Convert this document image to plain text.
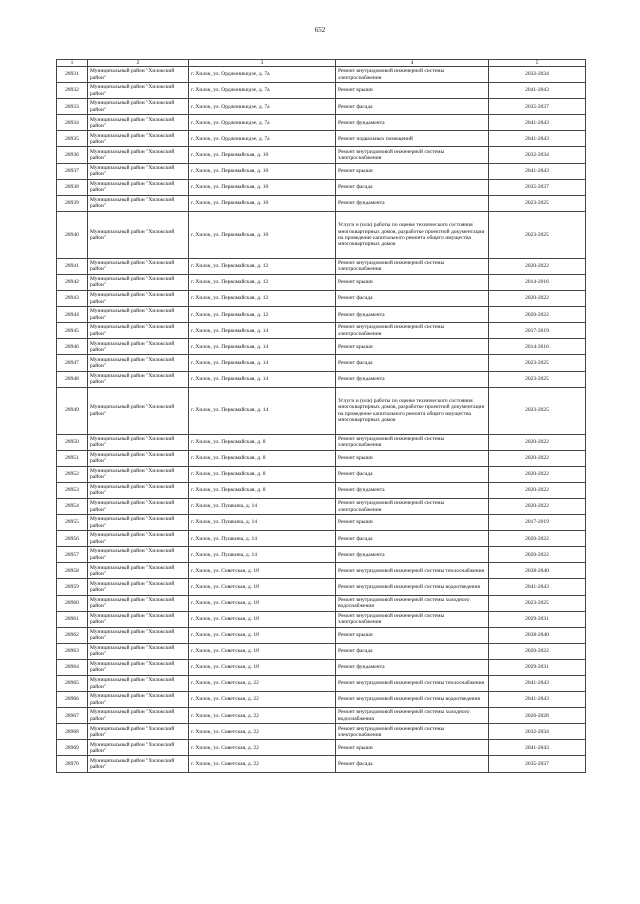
652
1	2	3	4	5
28931	Муниципальный район "Хилокский район"	г. Хилок, ул. Орджоникидзе, д. 7а	Ремонт внутридомовой инженерной системы электроснабжения	2032-2034
28932	Муниципальный район "Хилокский район"	г. Хилок, ул. Орджоникидзе, д. 7а	Ремонт крыши	2041-2043
28933	Муниципальный район "Хилокский район"	г. Хилок, ул. Орджоникидзе, д. 7а	Ремонт фасада	2035-2037
28934	Муниципальный район "Хилокский район"	г. Хилок, ул. Орджоникидзе, д. 7а	Ремонт фундамента	2041-2043
28935	Муниципальный район "Хилокский район"	г. Хилок, ул. Орджоникидзе, д. 7а	Ремонт подвальных помещений	2041-2043
28936	Муниципальный район "Хилокский район"	г. Хилок, ул. Первомайская, д. 10	Ремонт внутридомовой инженерной системы электроснабжения	2032-2034
28937	Муниципальный район "Хилокский район"	г. Хилок, ул. Первомайская, д. 10	Ремонт крыши	2041-2043
28938	Муниципальный район "Хилокский район"	г. Хилок, ул. Первомайская, д. 10	Ремонт фасада	2035-2037
28939	Муниципальный район "Хилокский район"	г. Хилок, ул. Первомайская, д. 10	Ремонт фундамента	2023-2025
28940	Муниципальный район "Хилокский район"	г. Хилок, ул. Первомайская, д. 10	Услуги и (или) работы по оценке технического состояния многоквартирных домов, разработке проектной документации на проведение капитального ремонта общего имущества многоквартирных домов	2023-2025
28941	Муниципальный район "Хилокский район"	г. Хилок, ул. Первомайская, д. 12	Ремонт внутридомовой инженерной системы электроснабжения	2020-2022
28942	Муниципальный район "Хилокский район"	г. Хилок, ул. Первомайская, д. 12	Ремонт крыши	2014-2016
28943	Муниципальный район "Хилокский район"	г. Хилок, ул. Первомайская, д. 12	Ремонт фасада	2020-2022
28944	Муниципальный район "Хилокский район"	г. Хилок, ул. Первомайская, д. 12	Ремонт фундамента	2020-2022
28945	Муниципальный район "Хилокский район"	г. Хилок, ул. Первомайская, д. 14	Ремонт внутридомовой инженерной системы электроснабжения	2017-2019
28946	Муниципальный район "Хилокский район"	г. Хилок, ул. Первомайская, д. 14	Ремонт крыши	2014-2016
28947	Муниципальный район "Хилокский район"	г. Хилок, ул. Первомайская, д. 14	Ремонт фасада	2023-2025
28948	Муниципальный район "Хилокский район"	г. Хилок, ул. Первомайская, д. 14	Ремонт фундамента	2023-2025
28949	Муниципальный район "Хилокский район"	г. Хилок, ул. Первомайская, д. 14	Услуги и (или) работы по оценке технического состояния многоквартирных домов, разработке проектной документации на проведение капитального ремонта общего имущества многоквартирных домов	2023-2025
28950	Муниципальный район "Хилокский район"	г. Хилок, ул. Первомайская, д. 8	Ремонт внутридомовой инженерной системы электроснабжения	2020-2022
28951	Муниципальный район "Хилокский район"	г. Хилок, ул. Первомайская, д. 8	Ремонт крыши	2020-2022
28952	Муниципальный район "Хилокский район"	г. Хилок, ул. Первомайская, д. 8	Ремонт фасада	2020-2022
28953	Муниципальный район "Хилокский район"	г. Хилок, ул. Первомайская, д. 8	Ремонт фундамента	2020-2022
28954	Муниципальный район "Хилокский район"	г. Хилок, ул. Пушкина, д. 14	Ремонт внутридомовой инженерной системы электроснабжения	2020-2022
28955	Муниципальный район "Хилокский район"	г. Хилок, ул. Пушкина, д. 14	Ремонт крыши	2017-2019
28956	Муниципальный район "Хилокский район"	г. Хилок, ул. Пушкина, д. 14	Ремонт фасада	2020-2022
28957	Муниципальный район "Хилокский район"	г. Хилок, ул. Пушкина, д. 14	Ремонт фундамента	2020-2022
28958	Муниципальный район "Хилокский район"	г. Хилок, ул. Советская, д. 18	Ремонт внутридомовой инженерной системы теплоснабжения	2038-2040
28959	Муниципальный район "Хилокский район"	г. Хилок, ул. Советская, д. 18	Ремонт внутридомовой инженерной системы водоотведения	2041-2043
28960	Муниципальный район "Хилокский район"	г. Хилок, ул. Советская, д. 18	Ремонт внутридомовой инженерной системы холодного водоснабжения	2023-2025
28961	Муниципальный район "Хилокский район"	г. Хилок, ул. Советская, д. 18	Ремонт внутридомовой инженерной системы электроснабжения	2029-2031
28962	Муниципальный район "Хилокский район"	г. Хилок, ул. Советская, д. 18	Ремонт крыши	2038-2040
28963	Муниципальный район "Хилокский район"	г. Хилок, ул. Советская, д. 18	Ремонт фасада	2020-2022
28964	Муниципальный район "Хилокский район"	г. Хилок, ул. Советская, д. 18	Ремонт фундамента	2029-2031
28965	Муниципальный район "Хилокский район"	г. Хилок, ул. Советская, д. 22	Ремонт внутридомовой инженерной системы теплоснабжения	2041-2043
28966	Муниципальный район "Хилокский район"	г. Хилок, ул. Советская, д. 22	Ремонт внутридомовой инженерной системы водоотведения	2041-2043
28967	Муниципальный район "Хилокский район"	г. Хилок, ул. Советская, д. 22	Ремонт внутридомовой инженерной системы холодного водоснабжения	2026-2028
28968	Муниципальный район "Хилокский район"	г. Хилок, ул. Советская, д. 22	Ремонт внутридомовой инженерной системы электроснабжения	2032-2034
28969	Муниципальный район "Хилокский район"	г. Хилок, ул. Советская, д. 22	Ремонт крыши	2041-2043
28970	Муниципальный район "Хилокский район"	г. Хилок, ул. Советская, д. 22	Ремонт фасада	2035-2037
